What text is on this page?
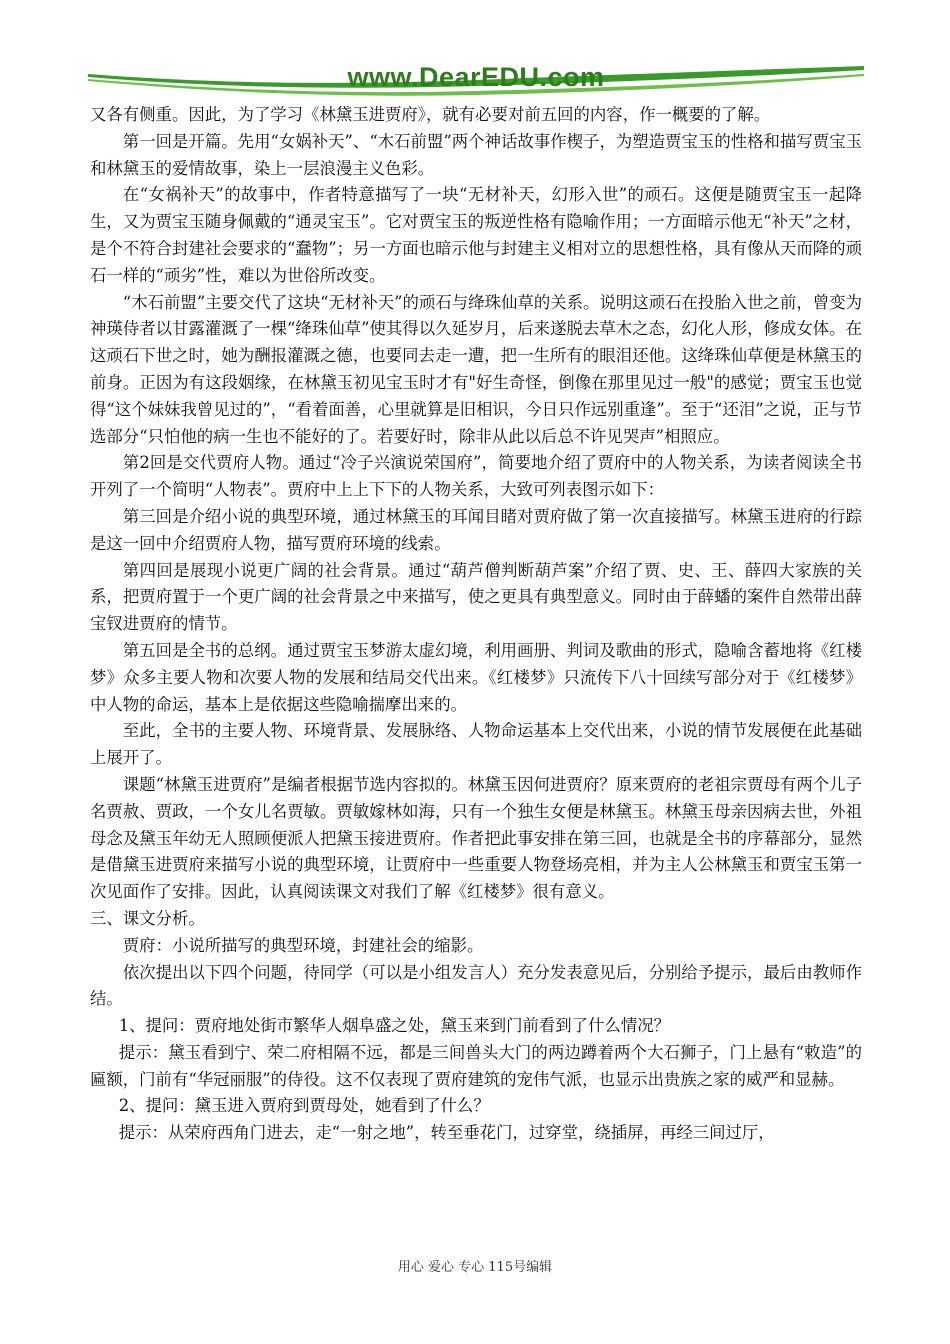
www.DearEDU.com

又各有侧重。因此，为了学习《林黛玉进贾府》，就有必要对前五回的内容，作一概要的了解。

第一回是开篇。先用“女娲补天”、“木石前盟”两个神话故事作楔子，为塑造贾宝玉的性格和描写贾宝玉和林黛玉的爱情故事，染上一层浪漫主义色彩。

在“女祸补天”的故事中，作者特意描写了一块“无材补天，幻形入世”的顽石。这便是随贾宝玉一起降生，又为贾宝玉随身佩戴的“通灵宝玉”。它对贾宝玉的叛逆性格有隐喻作用；一方面暗示他无“补天”之材，是个不符合封建社会要求的“蠢物”；另一方面也暗示他与封建主义相对立的思想性格，具有像从天而降的顽石一样的“顽劣”性，难以为世俗所改变。

“木石前盟”主要交代了这块“无材补天”的顽石与绛珠仙草的关系。说明这顽石在投胎入世之前，曾变为神瑛侍者以甘露灌溉了一棵“绛珠仙草”使其得以久延岁月，后来遂脱去草木之态，幻化人形，修成女体。在这顽石下世之时，她为酬报灌溉之德，也要同去走一遭，把一生所有的眼泪还他。这绛珠仙草便是林黛玉的前身。正因为有这段姻缘，在林黛玉初见宝玉时才有"好生奇怪，倒像在那里见过一般"的感觉；贾宝玉也觉得“这个妹妹我曾见过的”，“看着面善，心里就算是旧相识，今日只作远别重逢”。至于“还泪”之说，正与节选部分“只怕他的病一生也不能好的了。若要好时，除非从此以后总不许见哭声”相照应。

第2回是交代贾府人物。通过“冷子兴演说荣国府”，简要地介绍了贾府中的人物关系，为读者阅读全书开列了一个简明“人物表”。贾府中上上下下的人物关系，大致可列表图示如下：

第三回是介绍小说的典型环境，通过林黛玉的耳闻目睹对贾府做了第一次直接描写。林黛玉进府的行踪是这一回中介绍贾府人物，描写贾府环境的线索。

第四回是展现小说更广阔的社会背景。通过“葫芦僧判断葫芦案”介绍了贾、史、王、薛四大家族的关系，把贾府置于一个更广阔的社会背景之中来描写，使之更具有典型意义。同时由于薛蟠的案件自然带出薛宝钗进贾府的情节。

第五回是全书的总纲。通过贾宝玉梦游太虚幻境，利用画册、判词及歌曲的形式，隐喻含蓄地将《红楼梦》众多主要人物和次要人物的发展和结局交代出来。《红楼梦》只流传下八十回续写部分对于《红楼梦》中人物的命运，基本上是依据这些隐喻揣摩出来的。

至此，全书的主要人物、环境背景、发展脉络、人物命运基本上交代出来，小说的情节发展便在此基础上展开了。

课题“林黛玉进贾府”是编者根据节选内容拟的。林黛玉因何进贾府？原来贾府的老祖宗贾母有两个儿子名贾赦、贾政，一个女儿名贾敏。贾敏嫁林如海，只有一个独生女便是林黛玉。林黛玉母亲因病去世，外祖母念及黛玉年幼无人照顾便派人把黛玉接进贾府。作者把此事安排在第三回，也就是全书的序幕部分，显然是借黛玉进贾府来描写小说的典型环境，让贾府中一些重要人物登场亮相，并为主人公林黛玉和贾宝玉第一次见面作了安排。因此，认真阅读课文对我们了解《红楼梦》很有意义。

三、课文分析。

贾府：小说所描写的典型环境，封建社会的缩影。

依次提出以下四个问题，待同学（可以是小组发言人）充分发表意见后，分别给予提示，最后由教师作结。

1、提问：贾府地处街市繁华人烟阜盛之处，黛玉来到门前看到了什么情况？

提示：黛玉看到宁、荣二府相隔不远，都是三间兽头大门的两边蹲着两个大石狮子，门上悬有“敕造”的匾额，门前有“华冠丽服”的侍役。这不仅表现了贾府建筑的宠伟气派，也显示出贵族之家的威严和显赫。

2、提问：黛玉进入贾府到贾母处，她看到了什么？

提示：从荣府西角门进去，走“一射之地”，转至垂花门，过穿堂，绕插屏，再经三间过厅，

用心 爱心 专心 115号编辑
